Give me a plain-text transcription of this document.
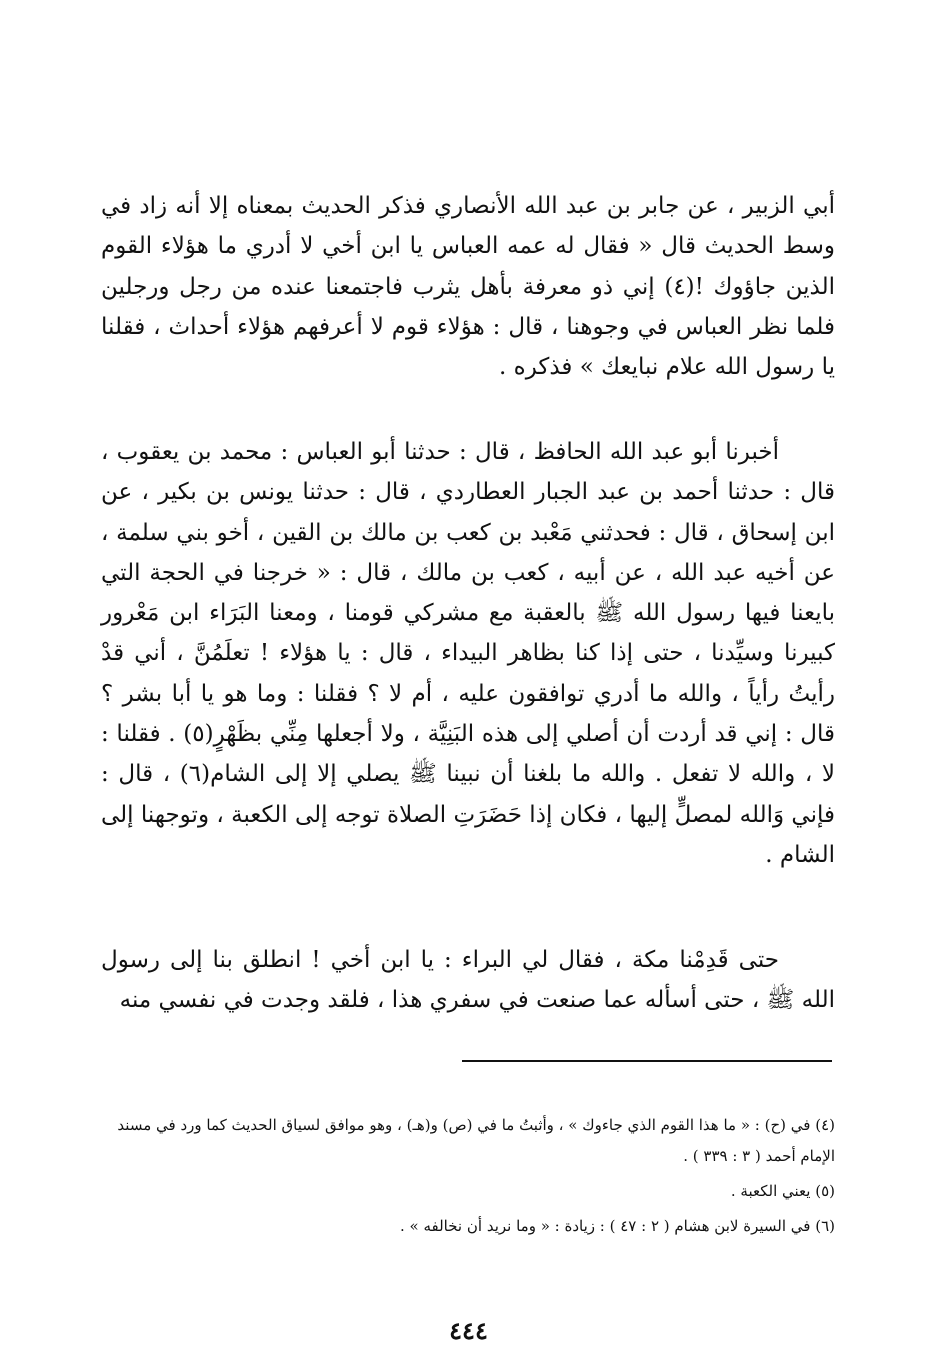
أبي الزبير ، عن جابر بن عبد الله الأنصاري فذكر الحديث بمعناه إلا أنه زاد في وسط الحديث قال « فقال له عمه العباس يا ابن أخي لا أدري ما هؤلاء القوم الذين جاؤوك !(٤) إني ذو معرفة بأهل يثرب فاجتمعنا عنده من رجل ورجلين فلما نظر العباس في وجوهنا ، قال : هؤلاء قوم لا أعرفهم هؤلاء أحداث ، فقلنا يا رسول الله علام نبايعك » فذكره .

أخبرنا أبو عبد الله الحافظ ، قال : حدثنا أبو العباس : محمد بن يعقوب ، قال : حدثنا أحمد بن عبد الجبار العطاردي ، قال : حدثنا يونس بن بكير ، عن ابن إسحاق ، قال : فحدثني مَعْبد بن كعب بن مالك بن القين ، أخو بني سلمة ، عن أخيه عبد الله ، عن أبيه ، كعب بن مالك ، قال : « خرجنا في الحجة التي بايعنا فيها رسول الله ﷺ بالعقبة مع مشركي قومنا ، ومعنا البَرَاء ابن مَعْرور كبيرنا وسيِّدنا ، حتى إذا كنا بظاهر البيداء ، قال : يا هؤلاء ! تعلَمُنَّ ، أني قدْ رأيتُ رأياً ، والله ما أدري توافقون عليه ، أم لا ؟ فقلنا : وما هو يا أبا بشر ؟ قال : إني قد أردت أن أصلي إلى هذه البَنِيَّة ، ولا أجعلها مِنِّي بظَهْرٍ(٥) . فقلنا : لا ، والله لا تفعل . والله ما بلغنا أن نبينا ﷺ يصلي إلا إلى الشام(٦) ، قال : فإني وَالله لمصلٍّ إليها ، فكان إذا حَضَرَتِ الصلاة توجه إلى الكعبة ، وتوجهنا إلى الشام .

حتى قَدِمْنا مكة ، فقال لي البراء : يا ابن أخي ! انطلق بنا إلى رسول الله ﷺ ، حتى أسأله عما صنعت في سفري هذا ، فلقد وجدت في نفسي منه

(٤) في (ح) : « ما هذا القوم الذي جاءوك » ، وأثبتُ ما في (ص) و(هـ) ، وهو موافق لسياق الحديث كما ورد في مسند الإمام أحمد ( ٣ : ٣٣٩ ) .

(٥) يعني الكعبة .

(٦) في السيرة لابن هشام ( ٢ : ٤٧ ) : زيادة : « وما نريد أن نخالفه » .

٤٤٤
